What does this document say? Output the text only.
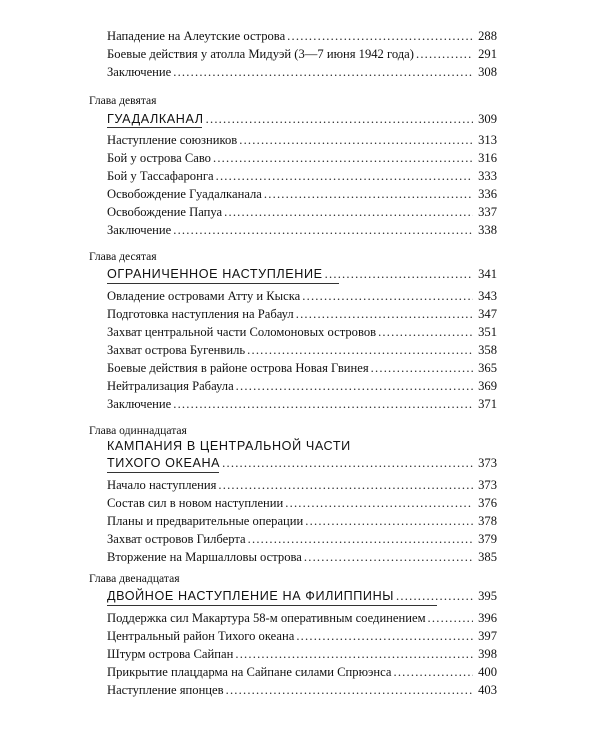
Нападение на Алеутские острова .....	288
Боевые действия у атолла Мидуэй (3—7 июня 1942 года) .....	291
Заключение .....	308
Глава девятая
ГУАДАЛКАНАЛ .....	309
Наступление союзников .....	313
Бой у острова Саво .....	316
Бой у Тассафаронга .....	333
Освобождение Гуадалканала .....	336
Освобождение Папуа .....	337
Заключение .....	338
Глава десятая
ОГРАНИЧЕННОЕ НАСТУПЛЕНИЕ .....	341
Овладение островами Атту и Кыска .....	343
Подготовка наступления на Рабаул .....	347
Захват центральной части Соломоновых островов .....	351
Захват острова Бугенвиль .....	358
Боевые действия в районе острова Новая Гвинея .....	365
Нейтрализация Рабаула .....	369
Заключение .....	371
Глава одиннадцатая
КАМПАНИЯ В ЦЕНТРАЛЬНОЙ ЧАСТИ
ТИХОГО ОКЕАНА .....	373
Начало наступления .....	373
Состав сил в новом наступлении .....	376
Планы и предварительные операции .....	378
Захват островов Гилберта .....	379
Вторжение на Маршалловы острова .....	385
Глава двенадцатая
ДВОЙНОЕ НАСТУПЛЕНИЕ НА ФИЛИППИНЫ .....	395
Поддержка сил Макартура 58-м оперативным соединением .....	396
Центральный район Тихого океана .....	397
Штурм острова Сайпан .....	398
Прикрытие плацдарма на Сайпане силами Спрюэнса .....	400
Наступление японцев .....	403
